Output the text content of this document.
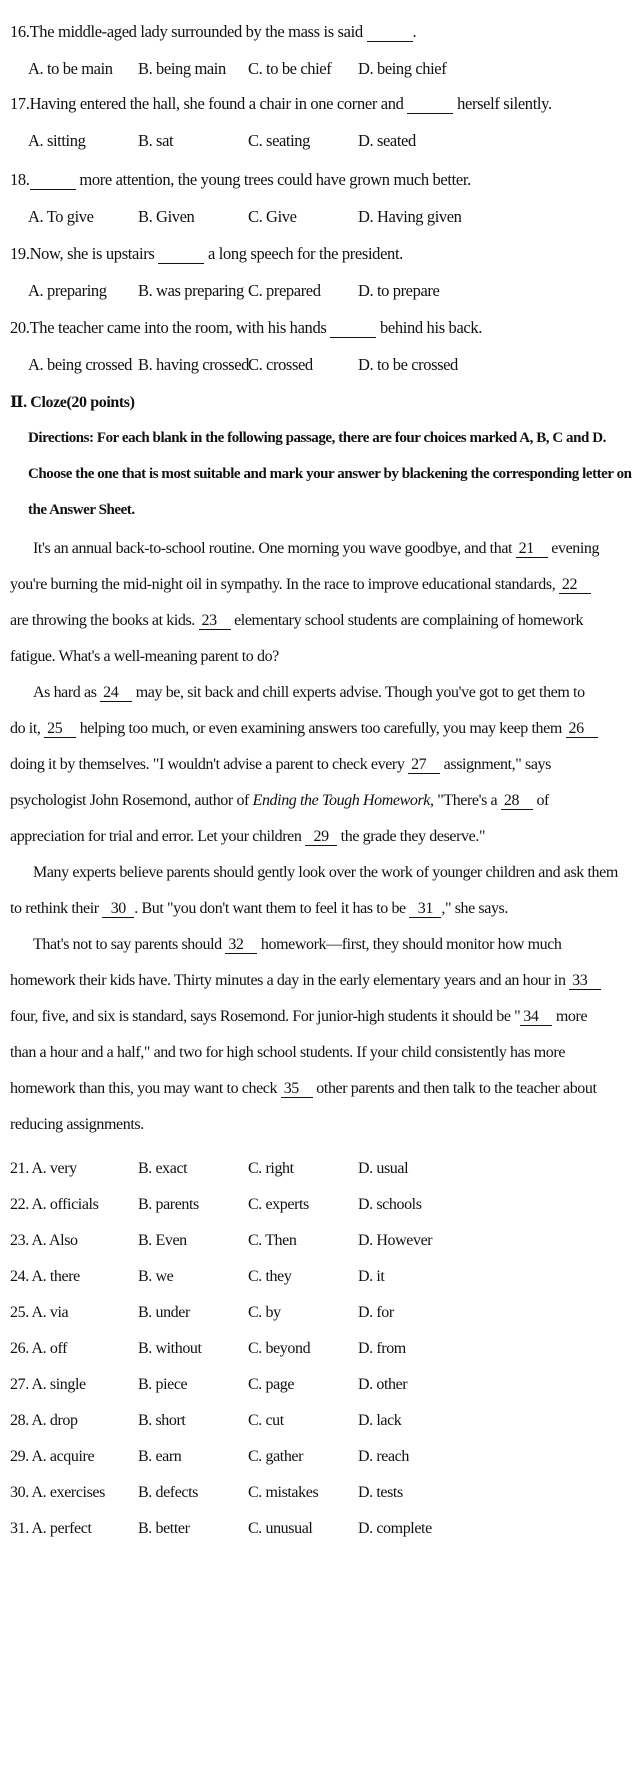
16.The middle-aged lady surrounded by the mass is said	.
A. to be main B. being main C. to be chief D. being chief
17.Having entered the hall, she found a chair in one corner and	herself silently.
A. sitting	B. sat	C. seating	D. seated
18.	more attention, the young trees could have grown much better.
A. To give	B. Given	C. Give	D. Having given
19.Now, she is upstairs	a long speech for the president.
A. preparing B. was preparing C. prepared D. to prepare
20.The teacher came into the room, with his hands	behind his back.
A. being crossed B. having crossed C. crossed	D. to be crossed
Ⅱ. Cloze(20 points)
Directions: For each blank in the following passage, there are four choices marked A, B, C and D.
Choose the one that is most suitable and mark your answer by blackening the corresponding letter on
the Answer Sheet.
It's an annual back-to-school routine. One morning you wave goodbye, and that 21 evening
you're burning the mid-night oil in sympathy. In the race to improve educational standards, 22
are throwing the books at kids. 23 elementary school students are complaining of homework
fatigue. What's a well-meaning parent to do?
As hard as 24 may be, sit back and chill experts advise. Though you've got to get them to
do it, 25 helping too much, or even examining answers too carefully, you may keep them 26
doing it by themselves. "I wouldn't advise a parent to check every 27 assignment," says
psychologist John Rosemond, author of Ending the Tough Homework, "There's a 28 of
appreciation for trial and error. Let your children 29 the grade they deserve."
Many experts believe parents should gently look over the work of younger children and ask them
to rethink their 30 . But "you don't want them to feel it has to be 31 ," she says.
That's not to say parents should 32 homework—first, they should monitor how much
homework their kids have. Thirty minutes a day in the early elementary years and an hour in 33
four, five, and six is standard, says Rosemond. For junior-high students it should be " 34 more
than a hour and a half," and two for high school students. If your child consistently has more
homework than this, you may want to check 35 other parents and then talk to the teacher about
reducing assignments.
21. A. very	B. exact	C. right	D. usual
22. A. officials B. parents	C. experts	D. schools
23. A. Also	B. Even	C. Then	D. However
24. A. there	B. we	C. they	D. it
25. A. via	B. under	C. by	D. for
26. A. off	B. without	C. beyond	D. from
27. A. single	B. piece	C. page	D. other
28. A. drop	B. short	C. cut	D. lack
29. A. acquire	B. earn	C. gather	D. reach
30. A. exercises B. defects	C. mistakes D. tests
31. A. perfect	B. better	C. unusual	D. complete
